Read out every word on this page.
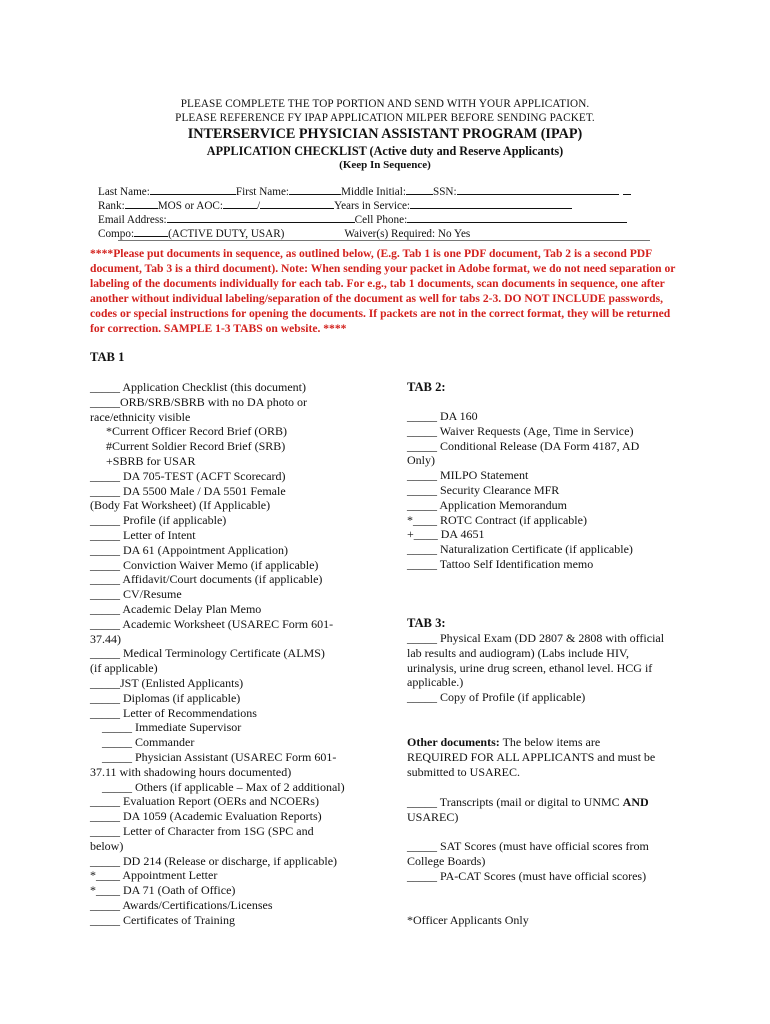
PLEASE COMPLETE THE TOP PORTION AND SEND WITH YOUR APPLICATION.
PLEASE REFERENCE FY IPAP APPLICATION MILPER BEFORE SENDING PACKET.
INTERSERVICE PHYSICIAN ASSISTANT PROGRAM (IPAP)
APPLICATION CHECKLIST (Active duty and Reserve Applicants)
(Keep In Sequence)
Last Name:	First Name:	Middle Initial: SSN:
Rank:	MOS or AOC:	/	Years in Service:
Email Address:	Cell Phone:
Compo:	(ACTIVE DUTY, USAR)	Waiver(s) Required: No Yes
****Please put documents in sequence, as outlined below, (E.g. Tab 1 is one PDF document, Tab 2 is a second PDF document, Tab 3 is a third document). Note: When sending your packet in Adobe format, we do not need separation or labeling of the documents individually for each tab. For e.g., tab 1 documents, scan documents in sequence, one after another without individual labeling/separation of the document as well for tabs 2-3. DO NOT INCLUDE passwords, codes or special instructions for opening the documents. If packets are not in the correct format, they will be returned for correction. SAMPLE 1-3 TABS on website. ****
TAB 1
_____ Application Checklist (this document)
_____ORB/SRB/SBRB with no DA photo or
race/ethnicity visible
*Current Officer Record Brief (ORB)
#Current Soldier Record Brief (SRB)
+SBRB for USAR
_____ DA 705-TEST (ACFT Scorecard)
_____ DA 5500 Male / DA 5501 Female
(Body Fat Worksheet) (If Applicable)
_____ Profile (if applicable)
_____ Letter of Intent
_____ DA 61 (Appointment Application)
_____ Conviction Waiver Memo (if applicable)
_____ Affidavit/Court documents (if applicable)
_____ CV/Resume
_____ Academic Delay Plan Memo
_____ Academic Worksheet (USAREC Form 601-
37.44)
_____ Medical Terminology Certificate (ALMS)
(if applicable)
_____JST (Enlisted Applicants)
_____ Diplomas (if applicable)
_____ Letter of Recommendations
_____ Immediate Supervisor
_____ Commander
_____ Physician Assistant (USAREC Form 601-
37.11 with shadowing hours documented)
_____ Others (if applicable – Max of 2 additional)
_____ Evaluation Report (OERs and NCOERs)
_____ DA 1059 (Academic Evaluation Reports)
_____ Letter of Character from 1SG (SPC and
below)
_____ DD 214 (Release or discharge, if applicable)
*____ Appointment Letter
*____ DA 71 (Oath of Office)
_____ Awards/Certifications/Licenses
_____ Certificates of Training
TAB 2:
_____ DA 160
_____ Waiver Requests (Age, Time in Service)
_____ Conditional Release (DA Form 4187, AD
Only)
_____ MILPO Statement
_____ Security Clearance MFR
_____ Application Memorandum
*____ ROTC Contract (if applicable)
+____ DA 4651
_____ Naturalization Certificate (if applicable)
_____ Tattoo Self Identification memo
TAB 3:
_____ Physical Exam (DD 2807 & 2808 with official
lab results and audiogram) (Labs include HIV,
urinalysis, urine drug screen, ethanol level. HCG if
applicable.)
_____ Copy of Profile (if applicable)
Other documents: The below items are
REQUIRED FOR ALL APPLICANTS and must be
submitted to USAREC.
_____ Transcripts (mail or digital to UNMC AND
USAREC)
_____ SAT Scores (must have official scores from
College Boards)
_____ PA-CAT Scores (must have official scores)
*Officer Applicants Only
